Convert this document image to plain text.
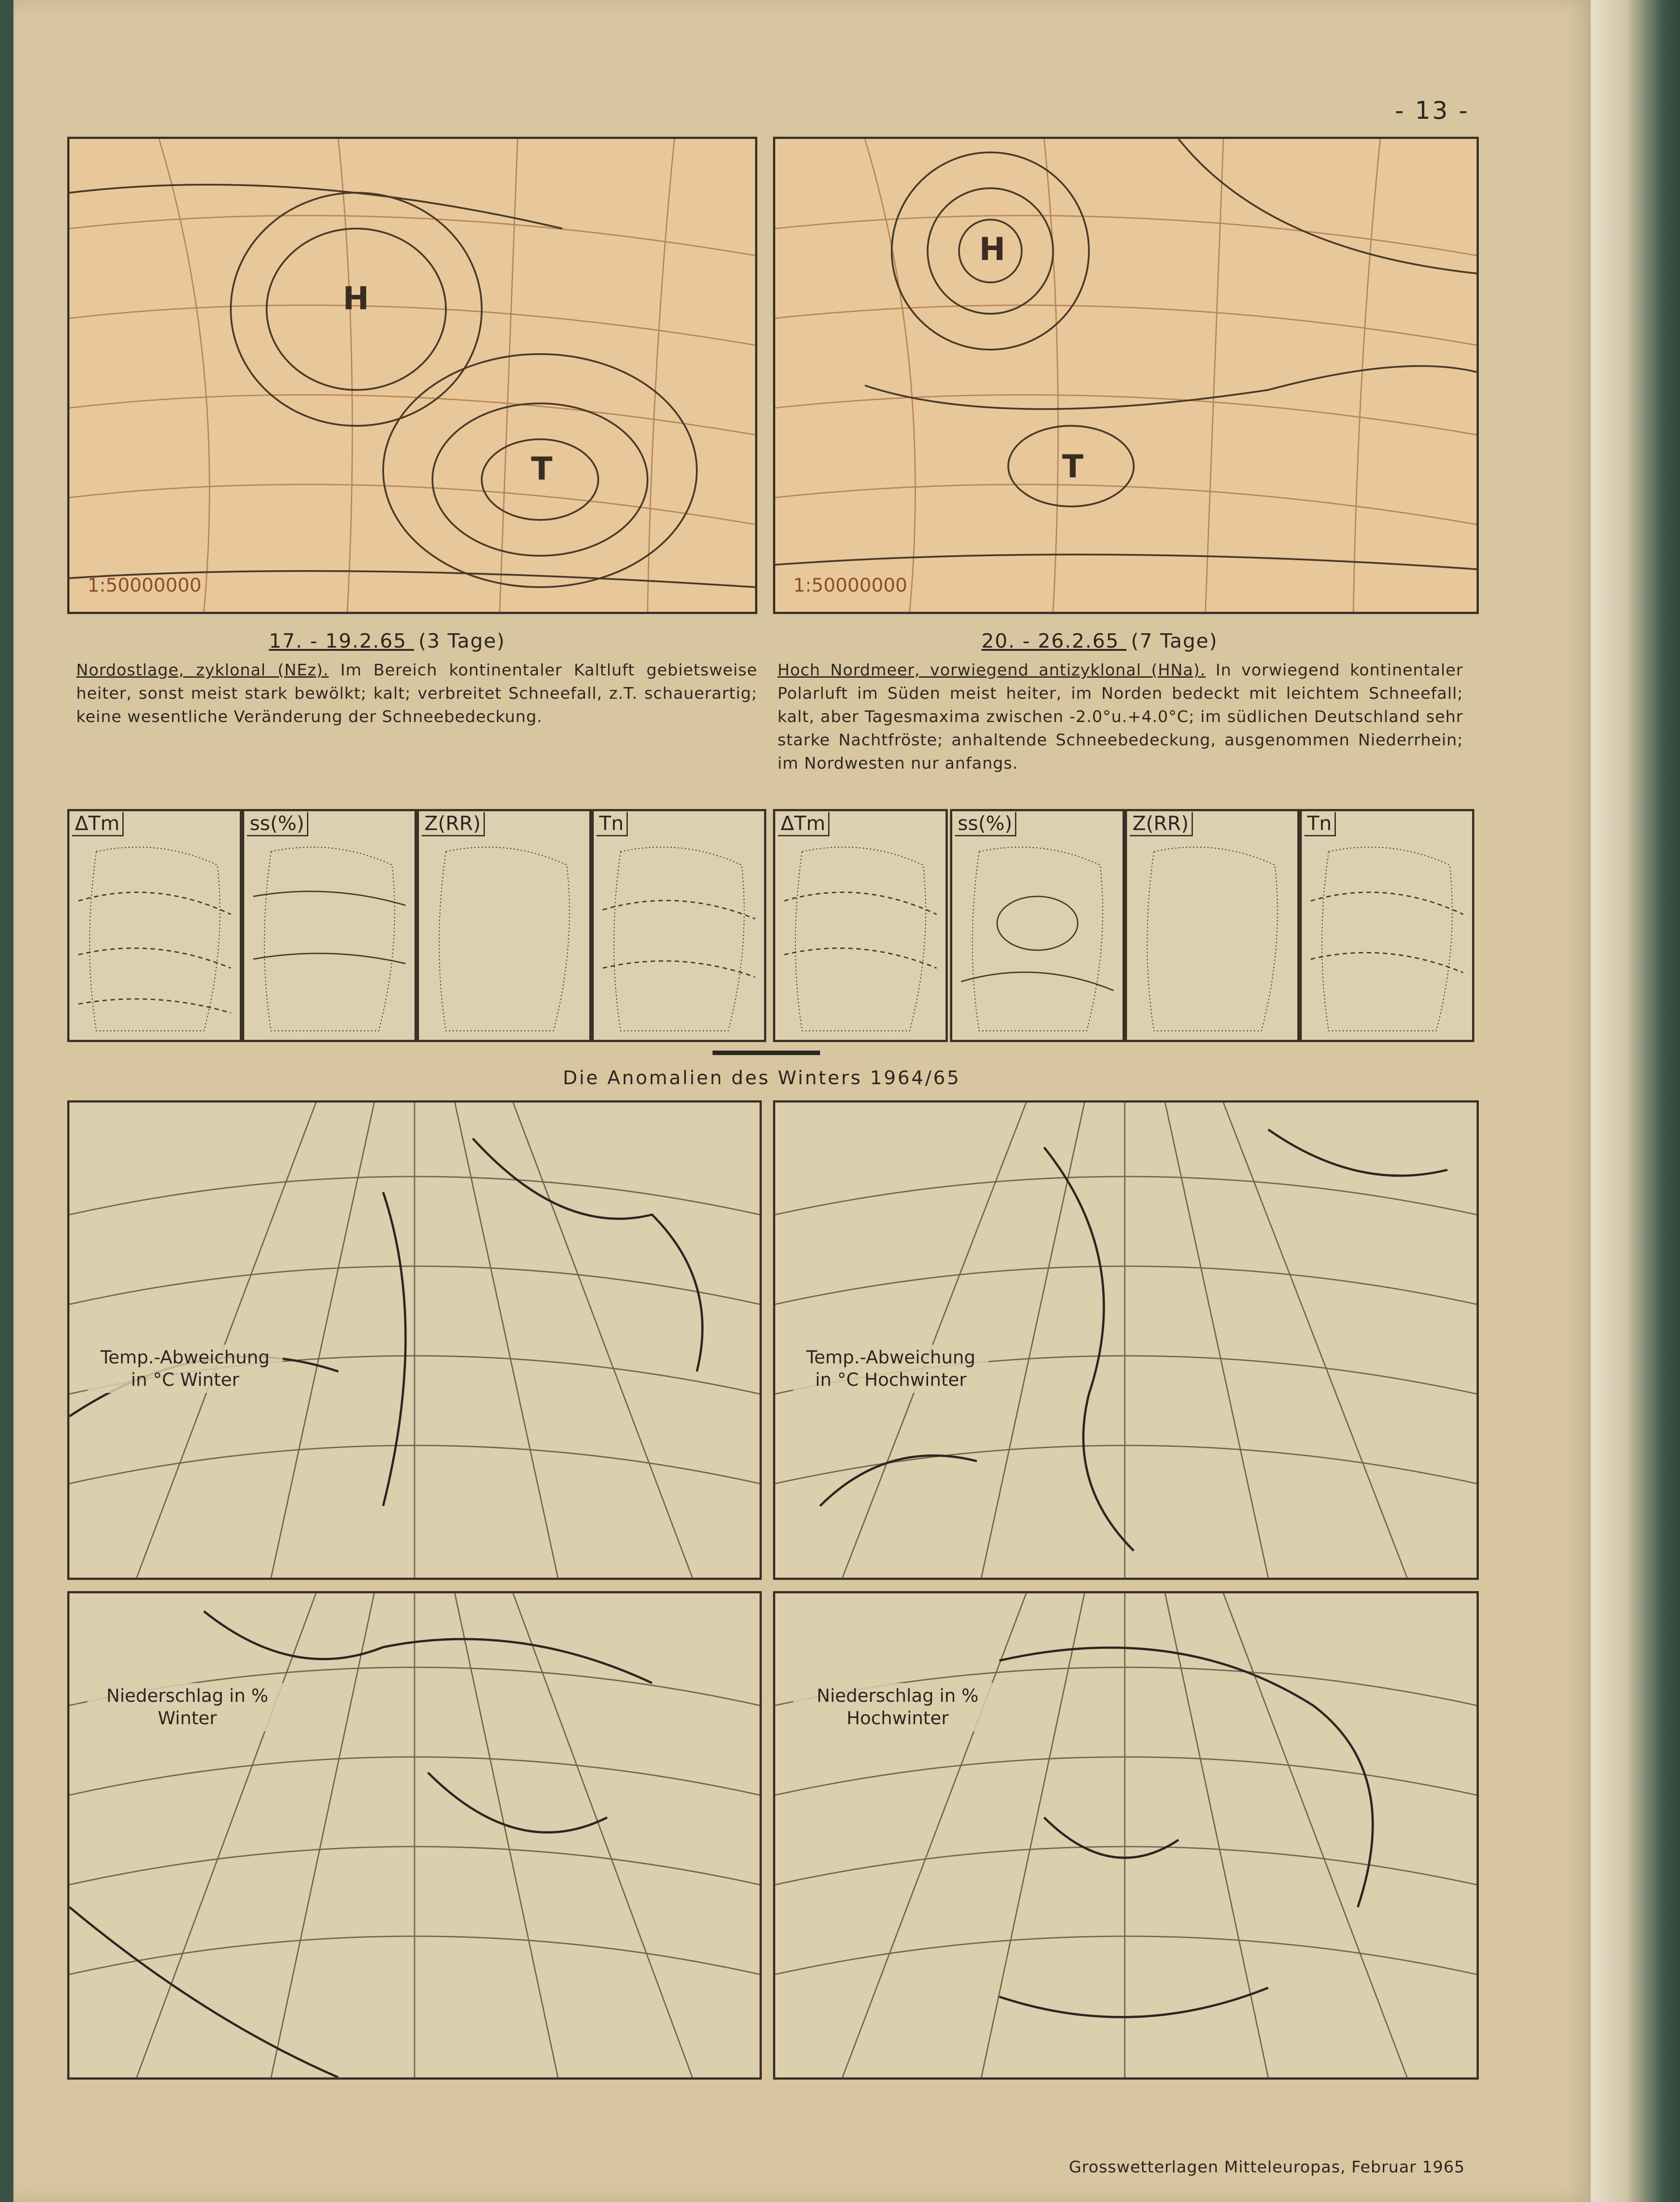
- 13 -
H
T
1:50000000
H
T
1:50000000
17. - 19.2.65 (3 Tage)	20. - 26.2.65 (7 Tage)
Nordostlage, zyklonal (NEz). Im Bereich kontinentaler Kaltluft gebietsweise heiter, sonst meist stark bewölkt; kalt; verbreitet Schneefall, z.T. schauerartig; keine wesentliche Veränderung der Schneebedeckung.
Hoch Nordmeer, vorwiegend antizyklonal (HNa). In vorwiegend kontinentaler Polarluft im Süden meist heiter, im Norden bedeckt mit leichtem Schneefall; kalt, aber Tagesmaxima zwischen -2.0°u.+4.0°C; im südlichen Deutschland sehr starke Nachtfröste; anhaltende Schneebedeckung, ausgenommen Niederrhein; im Nordwesten nur anfangs.
ΔTm	ss(%)	Z(RR)	Tn	ΔTm	ss(%)	Z(RR)	Tn
Die Anomalien des Winters 1964/65
Temp.-Abweichung in °C Winter
Temp.-Abweichung in °C Hochwinter
Niederschlag in % Winter
Niederschlag in % Hochwinter
Grosswetterlagen Mitteleuropas, Februar 1965
